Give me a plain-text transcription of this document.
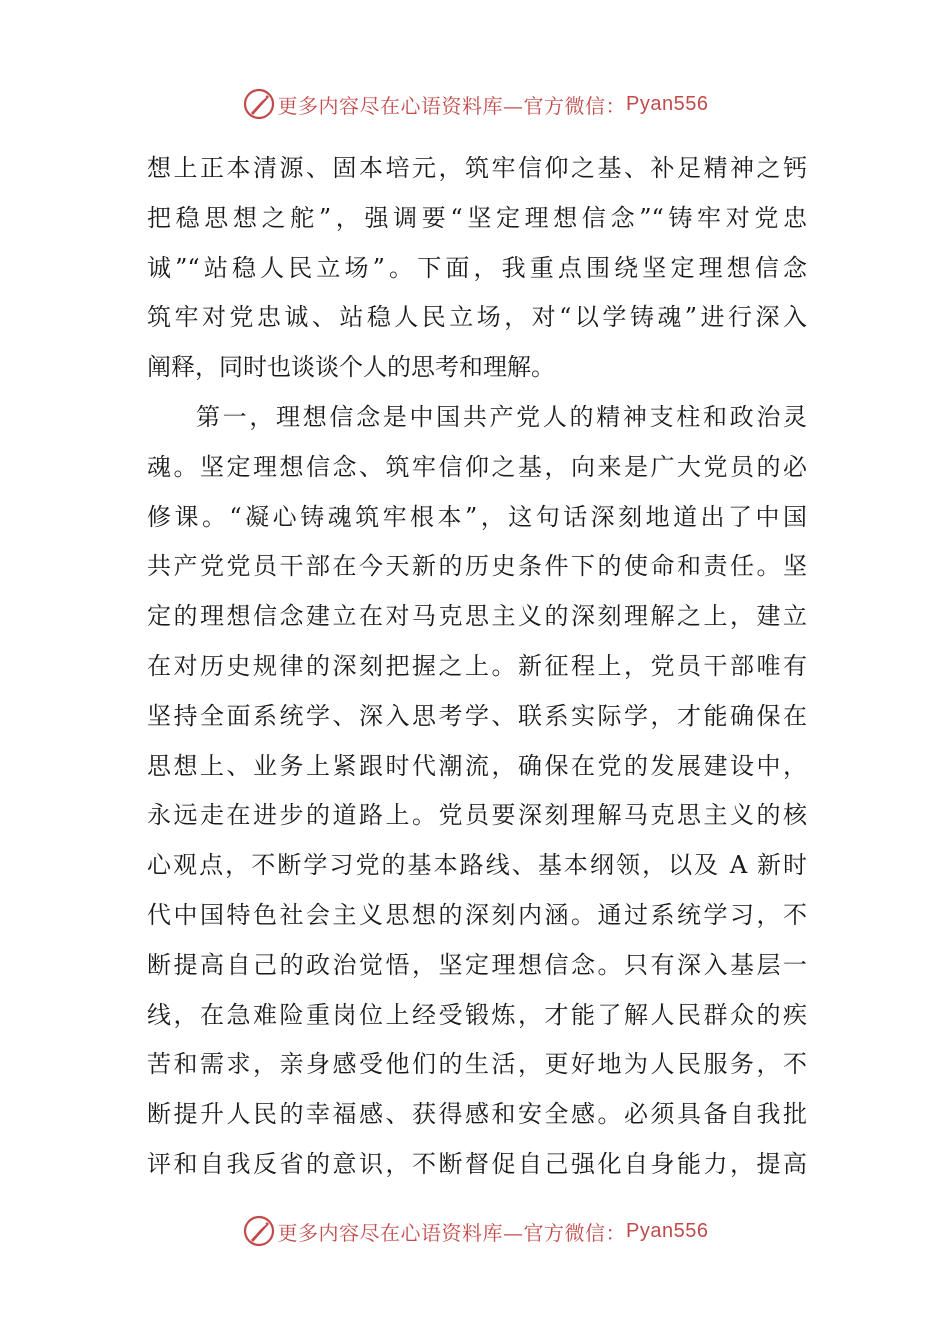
更多内容尽在心语资料库—官方微信： Pyan556
想上正本清源、固本培元，筑牢信仰之基、补足精神之钙
把稳思想之舵”，强调要“坚定理想信念”“铸牢对党忠
诚”“站稳人民立场”。下面，我重点围绕坚定理想信念
筑牢对党忠诚、站稳人民立场，对“以学铸魂”进行深入
阐释，同时也谈谈个人的思考和理解。
第一，理想信念是中国共产党人的精神支柱和政治灵
魂。坚定理想信念、筑牢信仰之基，向来是广大党员的必
修课。“凝心铸魂筑牢根本”，这句话深刻地道出了中国
共产党党员干部在今天新的历史条件下的使命和责任。坚
定的理想信念建立在对马克思主义的深刻理解之上，建立
在对历史规律的深刻把握之上。新征程上，党员干部唯有
坚持全面系统学、深入思考学、联系实际学，才能确保在
思想上、业务上紧跟时代潮流，确保在党的发展建设中，
永远走在进步的道路上。党员要深刻理解马克思主义的核
心观点，不断学习党的基本路线、基本纲领，以及 A 新时
代中国特色社会主义思想的深刻内涵。通过系统学习，不
断提高自己的政治觉悟，坚定理想信念。只有深入基层一
线，在急难险重岗位上经受锻炼，才能了解人民群众的疾
苦和需求，亲身感受他们的生活，更好地为人民服务，不
断提升人民的幸福感、获得感和安全感。必须具备自我批
评和自我反省的意识，不断督促自己强化自身能力，提高
更多内容尽在心语资料库—官方微信： Pyan556
